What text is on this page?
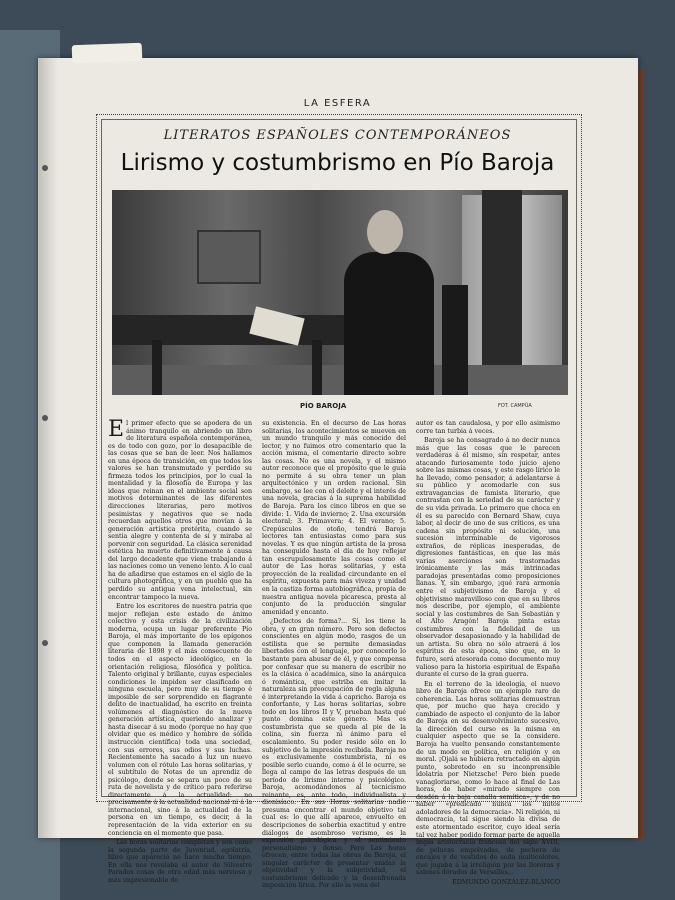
LA ESFERA
LITERATOS ESPAÑOLES CONTEMPORÁNEOS
Lirismo y costumbrismo en Pío Baroja
PÍO BAROJA	FOT. CAMPÚA

El primer efecto que se apodera de un ánimo tranquilo en abriendo un libro de literatura española contemporánea, es de todo con gozo, por lo desapacible de las cosas que se ban de leer. Nos hallamos en una época de transición, en que todos los valores se han transmutado y perdido su firmeza todos los principios, por lo cual la mentalidad y la filosofía de Europa y las ideas que reinan en el ambiente social son motivos determinantes de las diferentes direcciones literarias, pero motivos pesimistas y negativos que se nada recuerdan aquellos otros que movían á la generación artística pretérita, cuando se sentía alegre y contenta de sí y miraba al porvenir con seguridad. La clásica serenidad estética ha muerto definitivamente á causa del largo decadente que viene trabajando á las naciones como un veneno lento. A lo cual ha de añadirse que estamos en el siglo de la cultura photográfica, y en un pueblo que ha perdido su antigua vena intelectual, sin encontrar tampoco la nueva.

Entre los escritores de nuestra patria que mejor reflejan este estado de ánimo colectivo y esta crisis de la civilización moderna, ocupa un lugar preferente Pío Baroja, el más importante de los epígonos que componen la llamada generación literaria de 1898 y el más consecuente de todos en el aspecto ideológico, en la orientación religiosa, filosófica y política. Talento original y brillante, cuyas especiales condiciones le impiden ser clasificado en ninguna escuela, pero muy de su tiempo é imposible de ser sorprendido en flagrante delito de inactualidad, ha escrito en treinta volúmenes el diagnóstico de la nueva generación artística, queriendo analizar y hasta disecar á su modo (porque no hay que olvidar que es médico y hombre de sólida instrucción científica) toda una sociedad, con sus errores, sus odios y sus luchas. Recientemente ha sacado á luz un nuevo volumen con el rótulo Las horas solitarias, y el subtítulo de Notas de un aprendiz de psicólogo, donde se separa un poco de su ruta de novelista y de crítico para referirse directamente á la actualidad: no precisamente á la actualidad nacional ni á la internacional, sino á la actualidad de la persona en un tiempo, es decir, á la representación de la vida exterior en su conciencia en el momento que pasa.

Las horas solitarias completan y son como la segunda parte de Juventud, egolatría, libro que apareció no hace mucho tiempo. En ella nos revelaba el autor de Silvestre Paradox cosas de otra edad más nerviosa y más impresionable de

su existencia. En el decurso de Las horas solitarias, los acontecimientos se mueven en un mundo tranquilo y más conocido del lector, y no fuimos otro comentario que la acción misma, el comentario directo sobre las cosas. No es una novela, y el mismo autor reconoce que el propósito que le guía no permite á su obra tener un plan arquitectónico y un orden racional. Sin embargo, se lee con el deleite y el interés de una novela, gracias á la suprema habilidad de Baroja. Para los cinco libros en que se divide: 1. Vida de invierno; 2. Una excursión electoral; 3. Primavera; 4. El verano; 5. Crepúsculos de otoño, tendrá Baroja lectores tan entusiastas como para sus novelas. Y es que ningún artista de la prosa ha conseguido hasta el día de hoy reflejar tan escrupulosamente las cosas como el autor de Las horas solitarias, y esta proyección de la realidad circundante en el espíritu, expuesta para más viveza y unidad en la castiza forma autobiográfica, propia de nuestra antigua novela picaresca, presta al conjunto de la producción singular amenidad y encanto.

¿Defectos de forma?... Sí, los tiene la obra, y en gran número. Pero son defectos conscientes en algún modo, rasgos de un estilista que se permite demasiadas libertades con el lenguaje, por conocerlo lo bastante para abusar de él, y que compensa por confesar que su manera de escribir no es la clásica ó académica, sino la anárquica ó romántica, que estriba en imitar la naturaleza sin preocupación de regla alguna é interpretando la vida á capricho. Baroja es confortante, y Las horas solitarias, sobre todo en los libros II y V, prueban hasta qué punto domina este género. Mas es costumbrista que se queda al pie de la colina, sin fuerza ni ánimo para el escalamiento. Su poder reside sólo en lo subjetivo de la impresión recibida. Baroja no es exclusivamente costumbrista, ni es posible serlo cuando, como á él le ocurre, se llega al campo de las letras después de un período de lirismo interno y psicológico. Baroja, acomodándonos al tecnicismo reinante, es, ante todo, individualista y dionisíaco. En sus Horas solitarias nadie presuma encontrar el mundo objetivo tal cual es: lo que allí aparece, envuelto en descripciones de soberbia exactitud y entre diálogos de asombroso verismo, es la expresión psicológica y el sentimiento personalísimo y denso. Pero Las horas ofrecen, entre todas las obras de Baroja, el singular carácter de presentar unidas la objetividad y la subjetividad, el costumbrismo delicado y la desenfrenada imposición lírica. Por ello la vena del

autor es tan caudalosa, y por ello asimismo corre tan turbia á veces.

Baroja se ha consagrado á no decir nunca más que las cosas que le parecen verdaderas á él mismo, sin respetar, antes atacando furiosamente todo juicio ajeno sobre las mismas cosas, y este rasgo lírico le ha llevado, como pensador, á adelantarse á su público y acomodarle con sus extravagancias de famista literario, que contrastan con la seriedad de su carácter y de su vida privada. Lo primero que choca en él es su parecido con Bernard Shaw, cuya labor, al decir de uno de sus críticos, es una cadena sin propósito ni solución, una sucesión interminable de vigorosos extraños, de réplicas inesperadas, de digresiones fantásticas, en que las más varias aserciones son trastornadas irónicamente y las más intrincadas paradojas presentadas como proposiciones llanas. Y, sin embargo, ¡qué rara armonía entre el subjetivismo de Baroja y el objetivismo maravilloso con que en su libros nos describe, por ejemplo, el ambiente social y las costumbres de San Sebastián y el Alto Aragón! Baroja pinta estas costumbres con la fidelidad de un observador desapasionado y la habilidad de un artista. Su obra no sólo atraerá á los espíritus de esta época, sino que, en lo futuro, será atesorada como documento muy valioso para la historia espiritual de España durante el curso de la gran guerra.

En el terreno de la ideología, el nuevo libro de Baroja ofrece un ejemplo raro de coherencia. Las horas solitarias demuestran que, por mucho que haya crecido y cambiado de aspecto el conjunto de la labor de Baroja en su desenvolvimiento sucesivo, la dirección del curso es la misma en cualquier aspecto que se la considere. Baroja ha vuelto pensando constantemente de un modo en política, en religión y en moral. ¡Ojalá se hubiera retractado en algún punto, sobretodo en su inconprensible idolatría por Nietzsche! Pero bien puede vanagloriarse, como lo hace al final de Las horas, de haber «mirado siempre con desdén á la baja canalla semítica», y de no haber «predicado nunca los mitos adoladores de la democracia». Ni religión, ni democracia, tal sigue siendo la divisa de este atormentado escritor, cuyo ideal sería tal vez haber podido formar parte de aquella impía aristocracia francesa del siglo XVIII, de pelucas empolvadas, de pechera de encajes y de vestidos de seda multicolores, que jugaba á la irreligión por las lloreras y salones dorados de Versalles...

EDMUNDO GONZÁLEZ-BLANCO
